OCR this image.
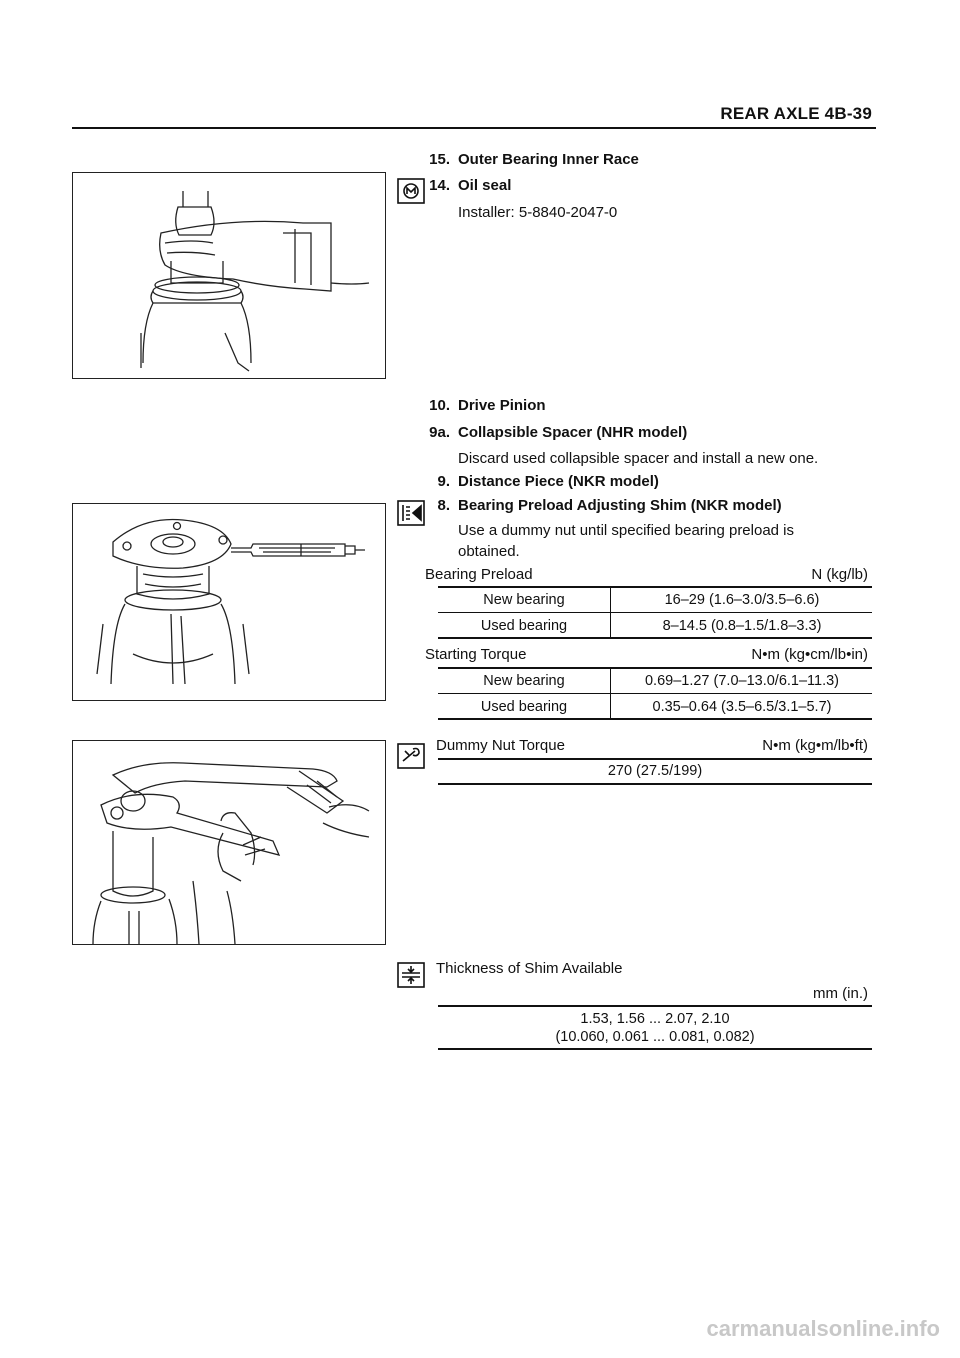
REAR AXLE 4B-39
15. Outer Bearing Inner Race
14. Oil seal
Installer: 5-8840-2047-0
10. Drive Pinion
9a. Collapsible Spacer (NHR model)
Discard used collapsible spacer and install a new one.
9. Distance Piece (NKR model)
8. Bearing Preload Adjusting Shim (NKR model)
Use a dummy nut until specified bearing preload is
obtained.
Bearing Preload	N (kg/lb)
New bearing	16–29 (1.6–3.0/3.5–6.6)
Used bearing	8–14.5 (0.8–1.5/1.8–3.3)
Starting Torque	N•m (kg•cm/lb•in)
New bearing	0.69–1.27 (7.0–13.0/6.1–11.3)
Used bearing	0.35–0.64 (3.5–6.5/3.1–5.7)
Dummy Nut Torque	N•m (kg•m/lb•ft)
270 (27.5/199)
Thickness of Shim Available
mm (in.)
1.53, 1.56 ... 2.07, 2.10
(10.060, 0.061 ... 0.081, 0.082)
carmanualsonline.info
